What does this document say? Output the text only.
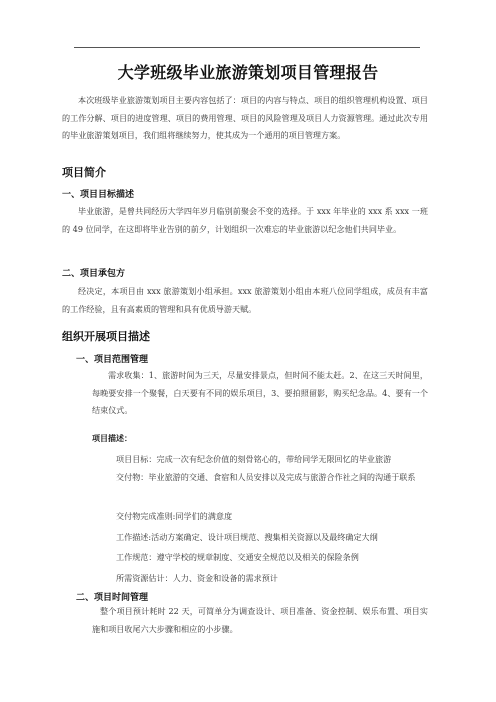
大学班级毕业旅游策划项目管理报告
本次班级毕业旅游策划项目主要内容包括了：项目的内容与特点、项目的组织管理机构设置、项目的工作分解、项目的进度管理、项目的费用管理、项目的风险管理及项目人力资源管理。通过此次专用的毕业旅游策划项目，我们组将继续努力，使其成为一个通用的项目管理方案。
项目简介
一、项目目标描述
毕业旅游，是曾共同经历大学四年岁月临别前聚会不变的选择。于 xxx 年毕业的 xxx 系 xxx 一班的 49 位同学，在这即将毕业告别的前夕，计划组织一次难忘的毕业旅游以纪念他们共同毕业。
二、项目承包方
经决定，本项目由 xxx 旅游策划小组承担。xxx 旅游策划小组由本班八位同学组成，成员有丰富的工作经验，且有高素质的管理和具有优质导游天赋。
组织开展项目描述
一、项目范围管理
需求收集：1、旅游时间为三天，尽量安排景点，但时间不能太赶。2、在这三天时间里，每晚要安排一个聚餐，白天要有不同的娱乐项目，3、要拍照留影，购买纪念品。4、要有一个结束仪式。
项目描述：
项目目标：完成一次有纪念价值的刻骨铭心的，带给同学无限回忆的毕业旅游
交付物：毕业旅游的交通、食宿和人员安排以及完成与旅游合作社之间的沟通于联系
交付物完成准则:同学们的满意度
工作描述:活动方案确定、设计项目规范、搜集相关资源以及最终确定大纲
工作规范：遵守学校的规章制度、交通安全规范以及相关的保险条例
所需资源估计：人力、资金和设备的需求预计
二、项目时间管理
整个项目预计耗时 22 天，可简单分为调查设计、项目准备、资金控制、娱乐布置、项目实施和项目收尾六大步骤和相应的小步骤。
